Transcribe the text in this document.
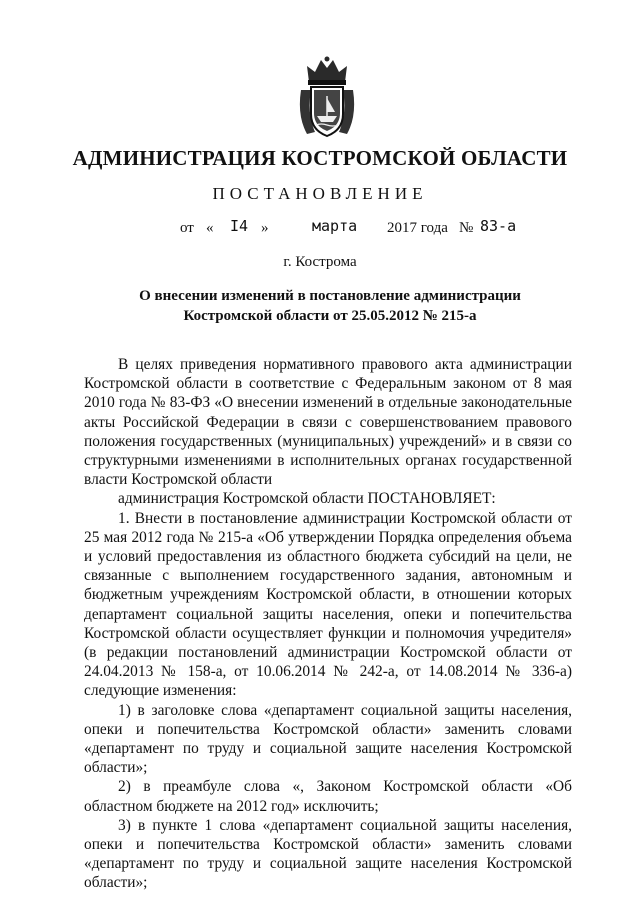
АДМИНИСТРАЦИЯ КОСТРОМСКОЙ ОБЛАСТИ
ПОСТАНОВЛЕНИЕ
от « I4 »	марта 2017 года № 83-а
г. Кострома
О внесении изменений в постановление администрации
Костромской области от 25.05.2012 № 215-а

В целях приведения нормативного правового акта администрации Костромской области в соответствие с Федеральным законом от 8 мая 2010 года № 83-ФЗ «О внесении изменений в отдельные законодательные акты Российской Федерации в связи с совершенствованием правового положения государственных (муниципальных) учреждений» и в связи со структурными изменениями в исполнительных органах государственной власти Костромской области

администрация Костромской области ПОСТАНОВЛЯЕТ:

1. Внести в постановление администрации Костромской области от 25 мая 2012 года № 215-а «Об утверждении Порядка определения объема и условий предоставления из областного бюджета субсидий на цели, не связанные с выполнением государственного задания, автономным и бюджетным учреждениям Костромской области, в отношении которых департамент социальной защиты населения, опеки и попечительства Костромской области осуществляет функции и полномочия учредителя» (в редакции постановлений администрации Костромской области от 24.04.2013 № 158-а, от 10.06.2014 № 242-а, от 14.08.2014 № 336-а) следующие изменения:

1) в заголовке слова «департамент социальной защиты населения, опеки и попечительства Костромской области» заменить словами «департамент по труду и социальной защите населения Костромской области»;

2) в преамбуле слова «, Законом Костромской области «Об областном бюджете на 2012 год» исключить;

3) в пункте 1 слова «департамент социальной защиты населения, опеки и попечительства Костромской области» заменить словами «департамент по труду и социальной защите населения Костромской области»;
